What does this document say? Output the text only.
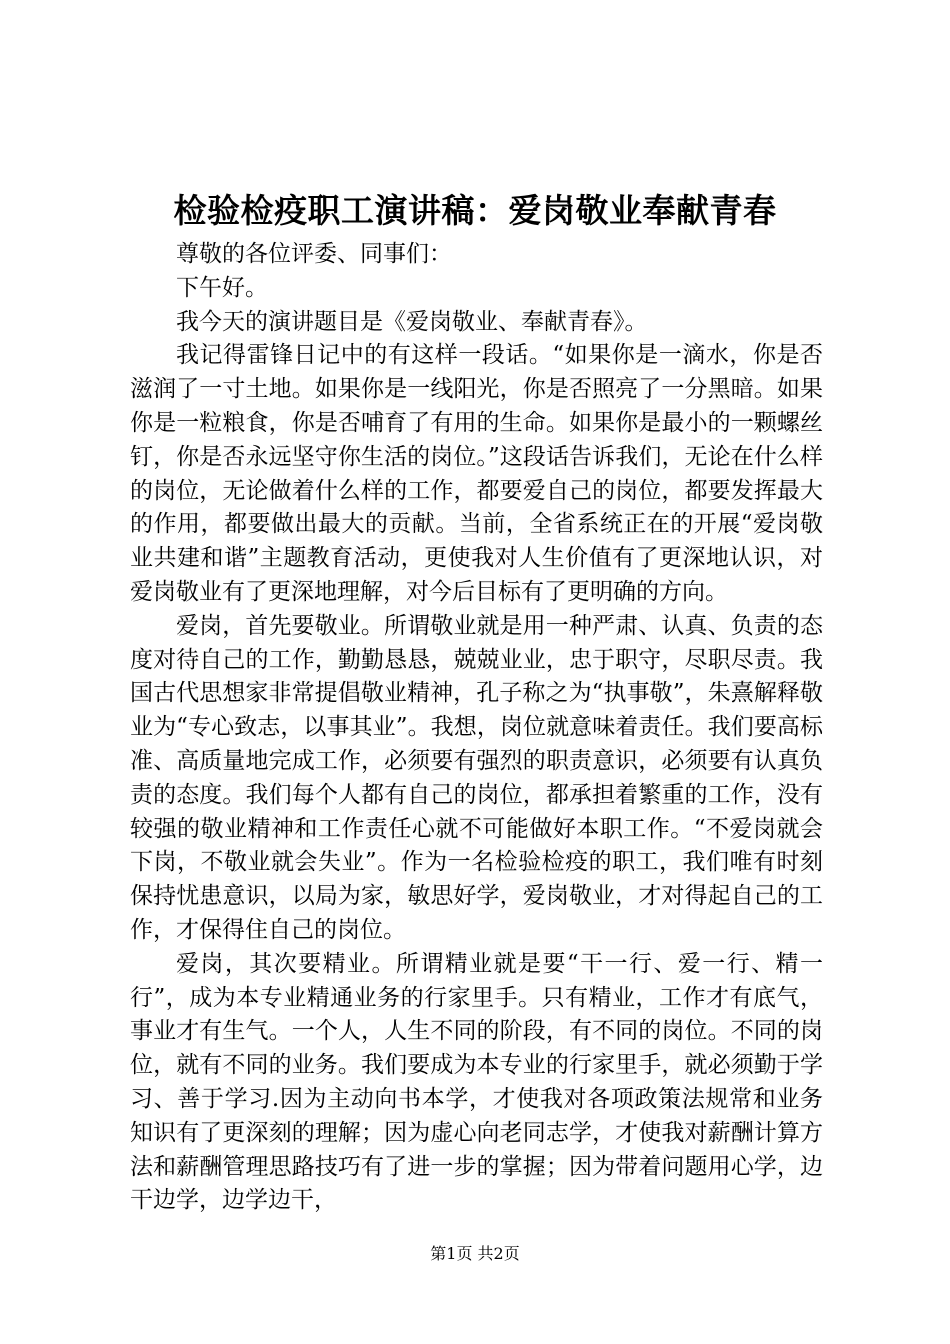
检验检疫职工演讲稿：爱岗敬业奉献青春

尊敬的各位评委、同事们：

下午好。

我今天的演讲题目是《爱岗敬业、奉献青春》。

我记得雷锋日记中的有这样一段话。“如果你是一滴水，你是否滋润了一寸土地。如果你是一线阳光，你是否照亮了一分黑暗。如果你是一粒粮食，你是否哺育了有用的生命。如果你是最小的一颗螺丝钉，你是否永远坚守你生活的岗位。”这段话告诉我们，无论在什么样的岗位，无论做着什么样的工作，都要爱自己的岗位，都要发挥最大的作用，都要做出最大的贡献。当前，全省系统正在的开展“爱岗敬业共建和谐”主题教育活动，更使我对人生价值有了更深地认识，对爱岗敬业有了更深地理解，对今后目标有了更明确的方向。

爱岗，首先要敬业。所谓敬业就是用一种严肃、认真、负责的态度对待自己的工作，勤勤恳恳，兢兢业业，忠于职守，尽职尽责。我国古代思想家非常提倡敬业精神，孔子称之为“执事敬”，朱熹解释敬业为“专心致志，以事其业”。我想，岗位就意味着责任。我们要高标准、高质量地完成工作，必须要有强烈的职责意识，必须要有认真负责的态度。我们每个人都有自己的岗位，都承担着繁重的工作，没有较强的敬业精神和工作责任心就不可能做好本职工作。“不爱岗就会下岗，不敬业就会失业”。作为一名检验检疫的职工，我们唯有时刻保持忧患意识，以局为家，敏思好学，爱岗敬业，才对得起自己的工作，才保得住自己的岗位。

爱岗，其次要精业。所谓精业就是要“干一行、爱一行、精一行”，成为本专业精通业务的行家里手。只有精业，工作才有底气，事业才有生气。一个人，人生不同的阶段，有不同的岗位。不同的岗位，就有不同的业务。我们要成为本专业的行家里手，就必须勤于学习、善于学习.因为主动向书本学，才使我对各项政策法规常和业务知识有了更深刻的理解；因为虚心向老同志学，才使我对薪酬计算方法和薪酬管理思路技巧有了进一步的掌握；因为带着问题用心学，边干边学，边学边干，

第1页 共2页
